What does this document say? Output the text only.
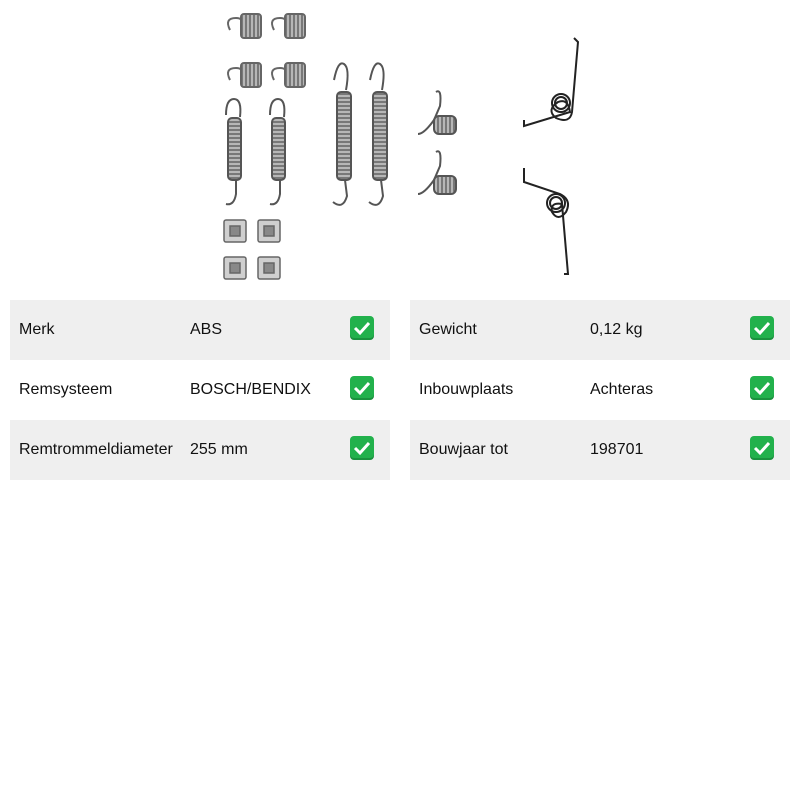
Merk	ABS
Remsysteem	BOSCH/BENDIX
Remtrommeldiameter 255 mm
Gewicht	0,12 kg
Inbouwplaats	Achteras
Bouwjaar tot	198701
